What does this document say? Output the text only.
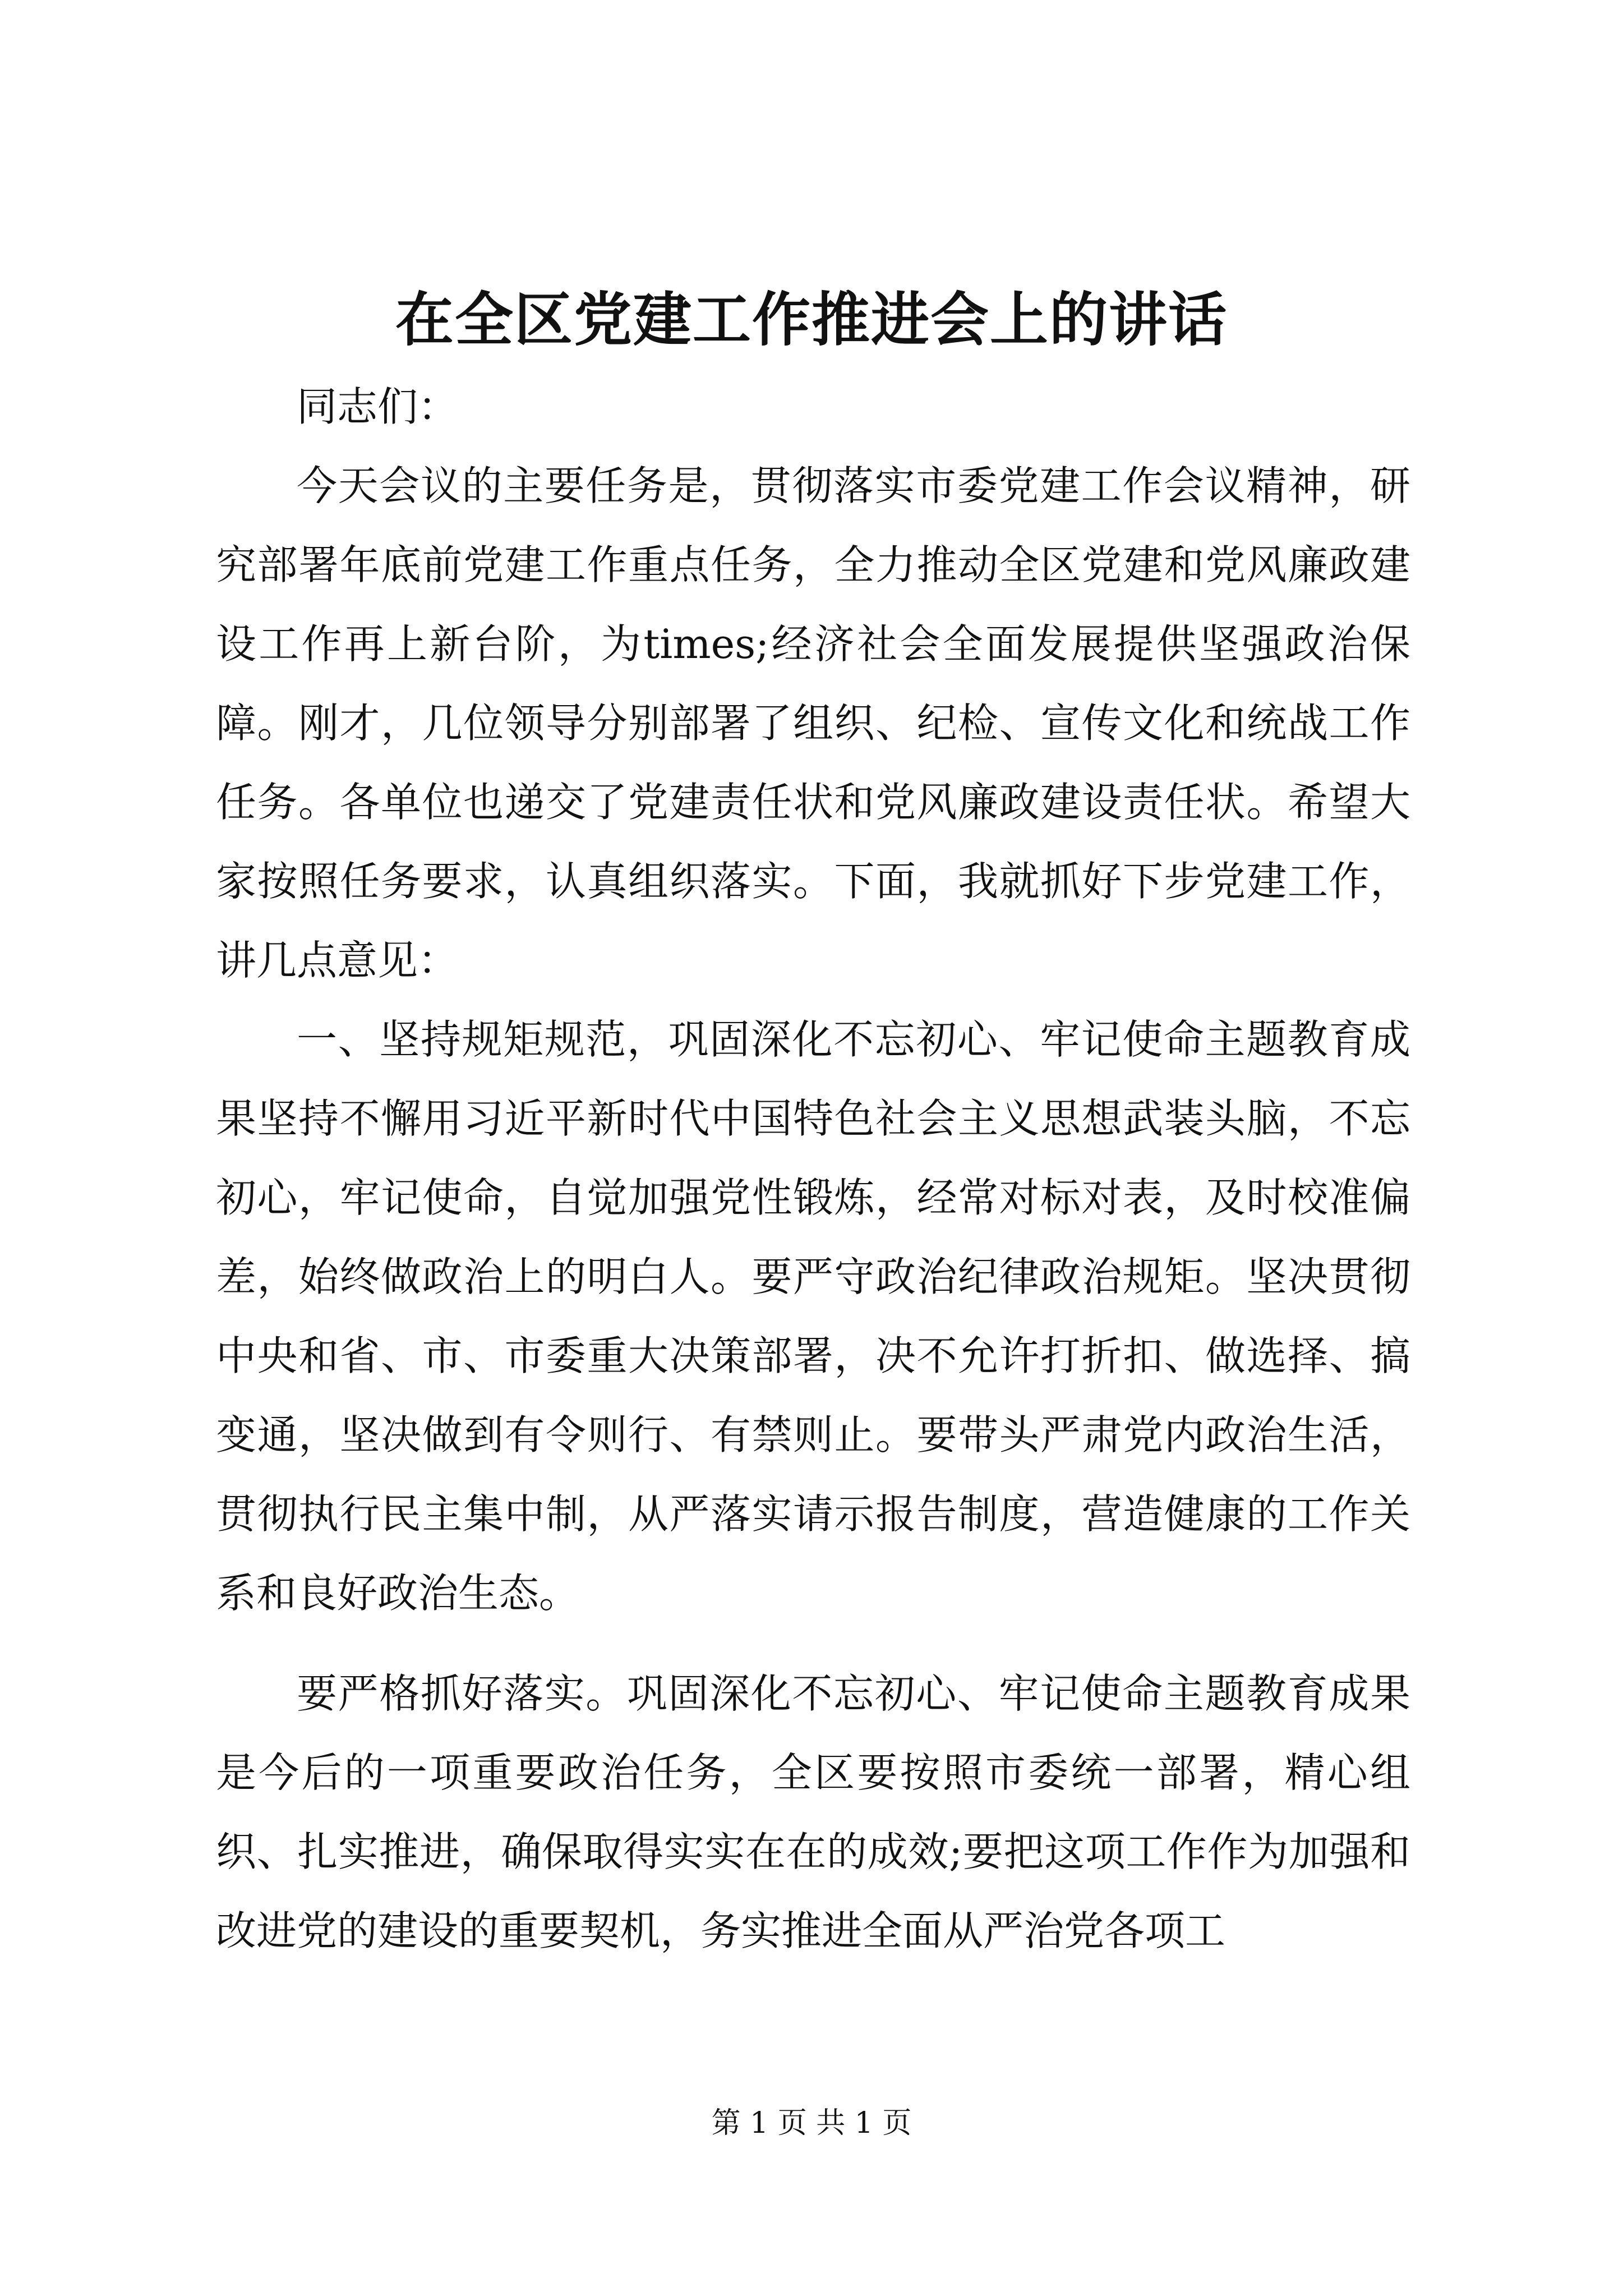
在全区党建工作推进会上的讲话

同志们：

今天会议的主要任务是，贯彻落实市委党建工作会议精神，研究部署年底前党建工作重点任务，全力推动全区党建和党风廉政建设工作再上新台阶，为times;经济社会全面发展提供坚强政治保障。刚才，几位领导分别部署了组织、纪检、宣传文化和统战工作任务。各单位也递交了党建责任状和党风廉政建设责任状。希望大家按照任务要求，认真组织落实。下面，我就抓好下步党建工作，讲几点意见：

一、坚持规矩规范，巩固深化不忘初心、牢记使命主题教育成果坚持不懈用习近平新时代中国特色社会主义思想武装头脑，不忘初心，牢记使命，自觉加强党性锻炼，经常对标对表，及时校准偏差，始终做政治上的明白人。要严守政治纪律政治规矩。坚决贯彻中央和省、市、市委重大决策部署，决不允许打折扣、做选择、搞变通，坚决做到有令则行、有禁则止。要带头严肃党内政治生活，贯彻执行民主集中制，从严落实请示报告制度，营造健康的工作关系和良好政治生态。

要严格抓好落实。巩固深化不忘初心、牢记使命主题教育成果是今后的一项重要政治任务，全区要按照市委统一部署，精心组织、扎实推进，确保取得实实在在的成效;要把这项工作作为加强和改进党的建设的重要契机，务实推进全面从严治党各项工

第 1 页 共 1 页
